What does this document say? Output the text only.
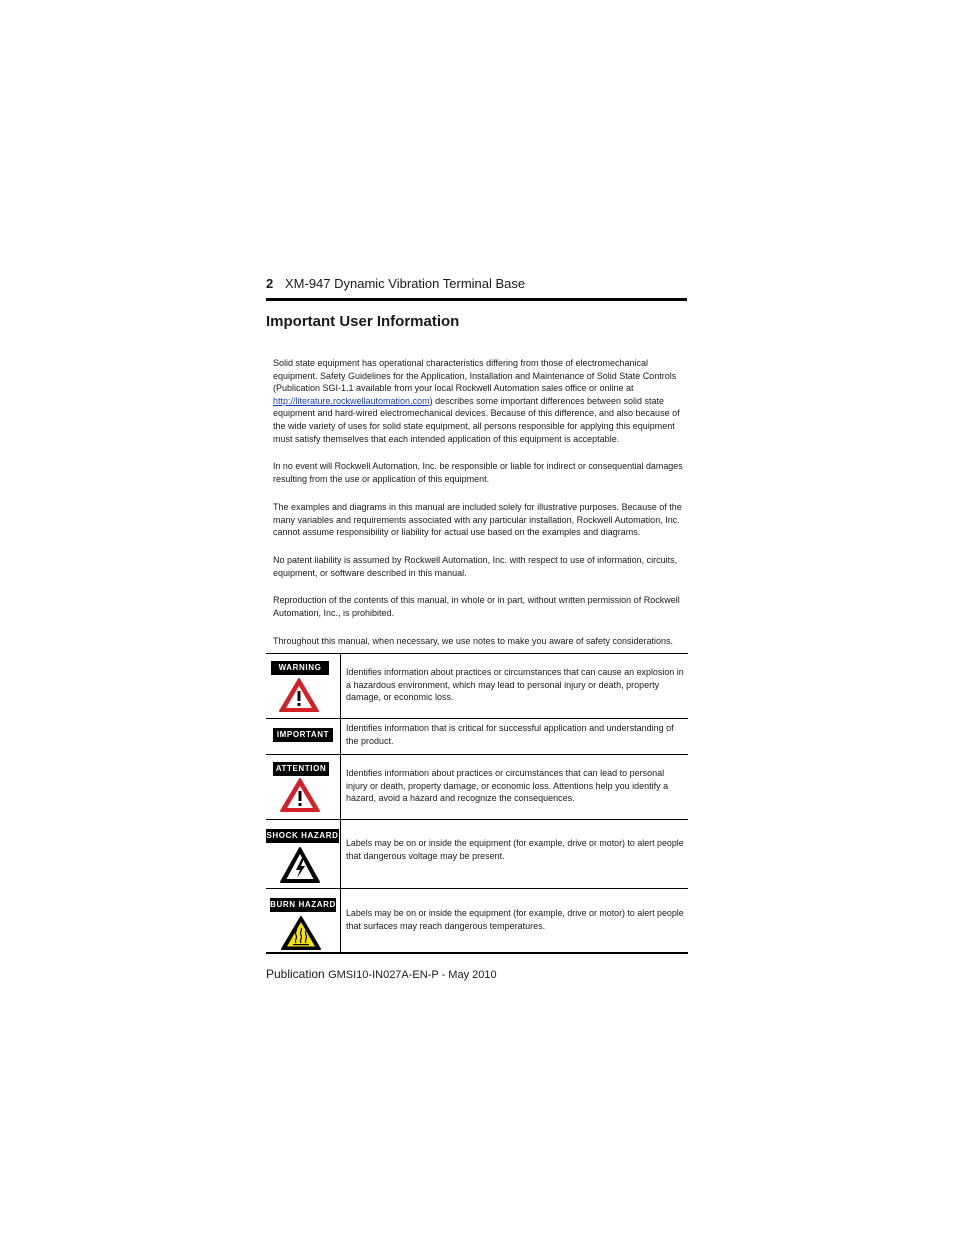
2 XM-947 Dynamic Vibration Terminal Base
Important User Information
Solid state equipment has operational characteristics differing from those of electromechanical
equipment. Safety Guidelines for the Application, Installation and Maintenance of Solid State Controls
(Publication SGI-1.1 available from your local Rockwell Automation sales office or online at
http://literature.rockwellautomation.com) describes some important differences between solid state
equipment and hard-wired electromechanical devices. Because of this difference, and also because of
the wide variety of uses for solid state equipment, all persons responsible for applying this equipment
must satisfy themselves that each intended application of this equipment is acceptable.
In no event will Rockwell Automation, Inc. be responsible or liable for indirect or consequential damages
resulting from the use or application of this equipment.
The examples and diagrams in this manual are included solely for illustrative purposes. Because of the
many variables and requirements associated with any particular installation, Rockwell Automation, Inc.
cannot assume responsibility or liability for actual use based on the examples and diagrams.
No patent liability is assumed by Rockwell Automation, Inc. with respect to use of information, circuits,
equipment, or software described in this manual.
Reproduction of the contents of this manual, in whole or in part, without written permission of Rockwell
Automation, Inc., is prohibited.
Throughout this manual, when necessary, we use notes to make you aware of safety considerations.
WARNING	Identifies information about practices or circumstances that can cause an explosion in
a hazardous environment, which may lead to personal injury or death, property
damage, or economic loss.
IMPORTANT
Identifies information that is critical for successful application and understanding of
the product.
ATTENTION	Identifies information about practices or circumstances that can lead to personal
injury or death, property damage, or economic loss. Attentions help you identify a
hazard, avoid a hazard and recognize the consequences.
SHOCK HAZARD
Labels may be on or inside the equipment (for example, drive or motor) to alert people
that dangerous voltage may be present.
BURN HAZARD
Labels may be on or inside the equipment (for example, drive or motor) to alert people
that surfaces may reach dangerous temperatures.
Publication GMSI10-IN027A-EN-P - May 2010
